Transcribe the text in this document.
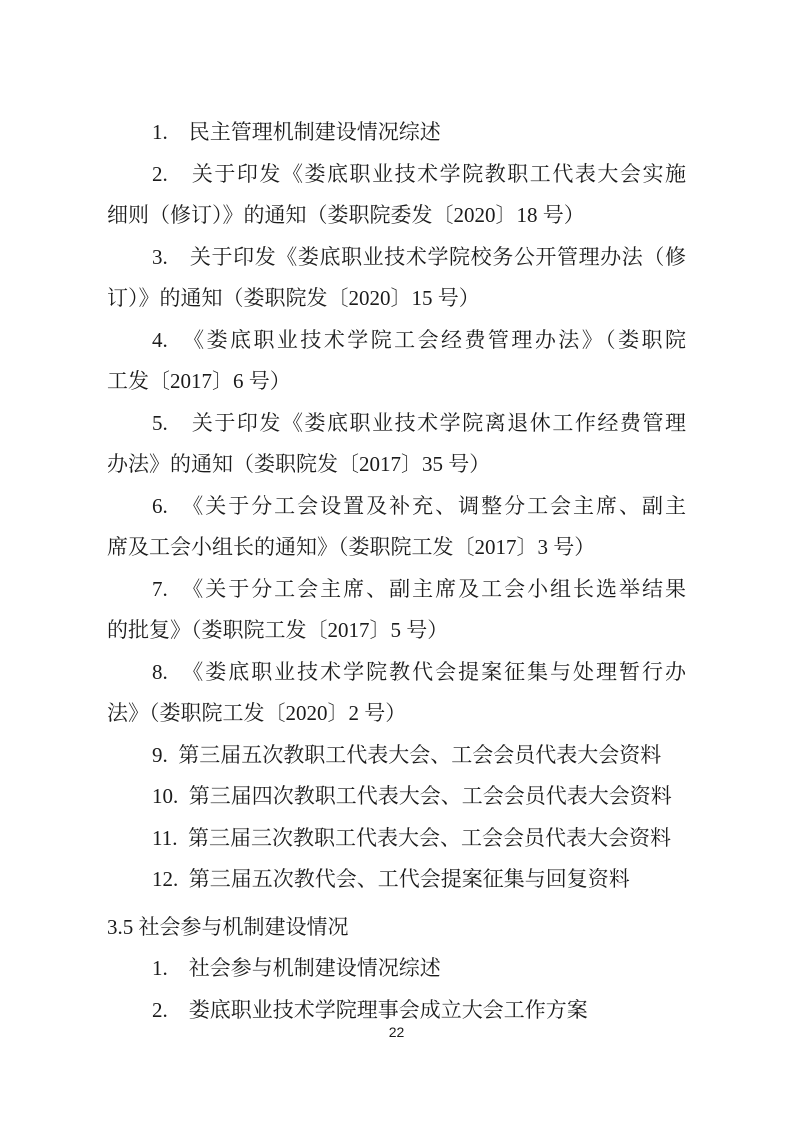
1.　民主管理机制建设情况综述
2.　关于印发《娄底职业技术学院教职工代表大会实施
细则（修订）》的通知（娄职院委发〔2020〕18 号）
3.　关于印发《娄底职业技术学院校务公开管理办法（修
订）》的通知（娄职院发〔2020〕15 号）
4.　《娄底职业技术学院工会经费管理办法》（娄职院
工发〔2017〕6 号）
5.　关于印发《娄底职业技术学院离退休工作经费管理
办法》的通知（娄职院发〔2017〕35 号）
6.　《关于分工会设置及补充、调整分工会主席、副主
席及工会小组长的通知》（娄职院工发〔2017〕3 号）
7.　《关于分工会主席、副主席及工会小组长选举结果
的批复》（娄职院工发〔2017〕5 号）
8.　《娄底职业技术学院教代会提案征集与处理暂行办
法》（娄职院工发〔2020〕2 号）
9. 第三届五次教职工代表大会、工会会员代表大会资料
10. 第三届四次教职工代表大会、工会会员代表大会资料
11. 第三届三次教职工代表大会、工会会员代表大会资料
12. 第三届五次教代会、工代会提案征集与回复资料
3.5 社会参与机制建设情况
1.　社会参与机制建设情况综述
2.　娄底职业技术学院理事会成立大会工作方案
22
